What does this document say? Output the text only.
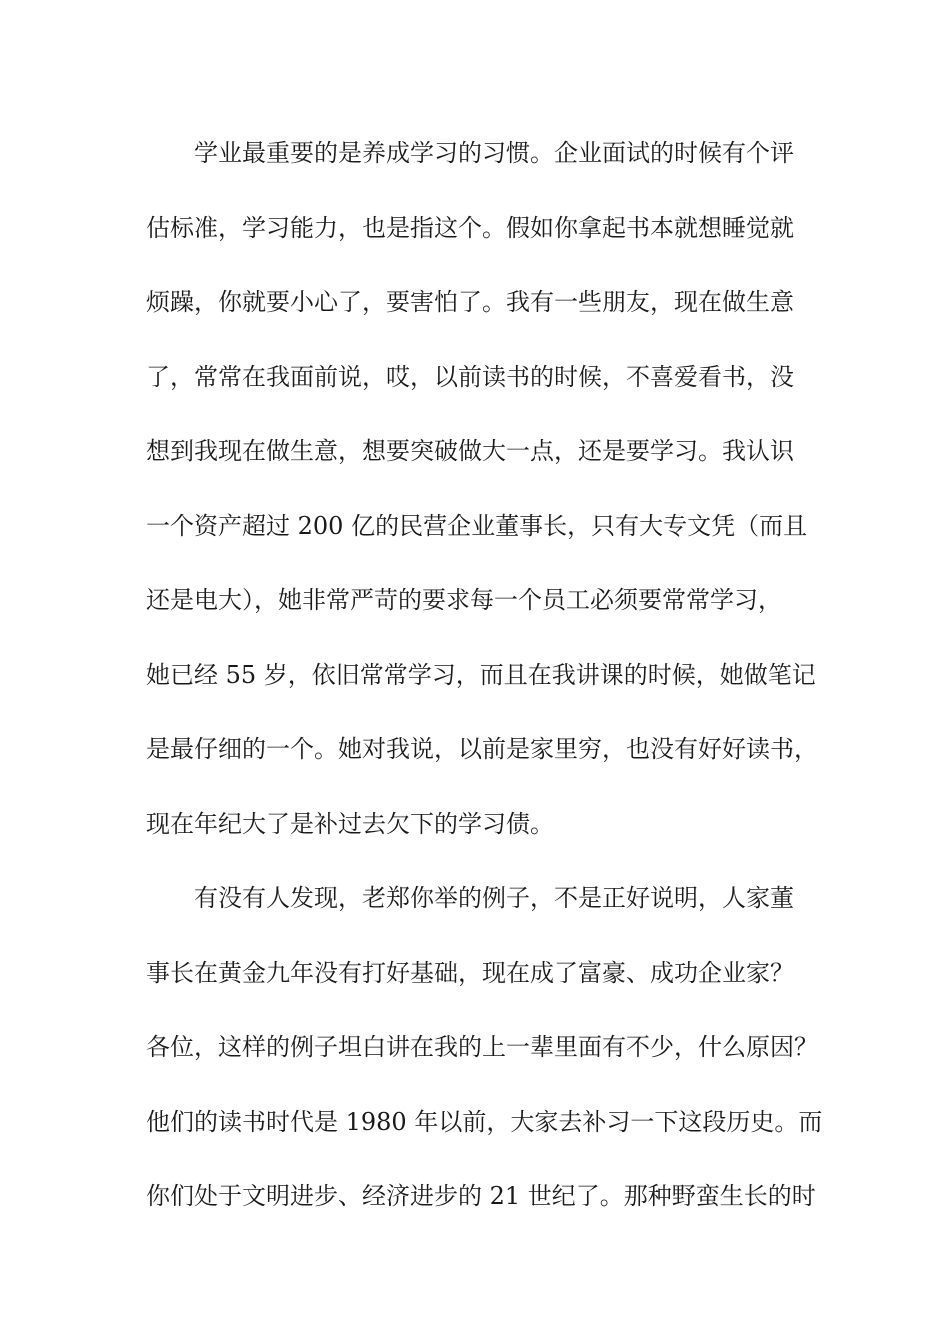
学业最重要的是养成学习的习惯。企业面试的时候有个评
估标准，学习能力，也是指这个。假如你拿起书本就想睡觉就
烦躁，你就要小心了，要害怕了。我有一些朋友，现在做生意
了，常常在我面前说，哎，以前读书的时候，不喜爱看书，没
想到我现在做生意，想要突破做大一点，还是要学习。我认识
一个资产超过 200 亿的民营企业董事长，只有大专文凭（而且
还是电大），她非常严苛的要求每一个员工必须要常常学习，
她已经 55 岁，依旧常常学习，而且在我讲课的时候，她做笔记
是最仔细的一个。她对我说，以前是家里穷，也没有好好读书，
现在年纪大了是补过去欠下的学习债。
有没有人发现，老郑你举的例子，不是正好说明，人家董
事长在黄金九年没有打好基础，现在成了富豪、成功企业家？
各位，这样的例子坦白讲在我的上一辈里面有不少，什么原因？
他们的读书时代是 1980 年以前，大家去补习一下这段历史。而
你们处于文明进步、经济进步的 21 世纪了。那种野蛮生长的时
